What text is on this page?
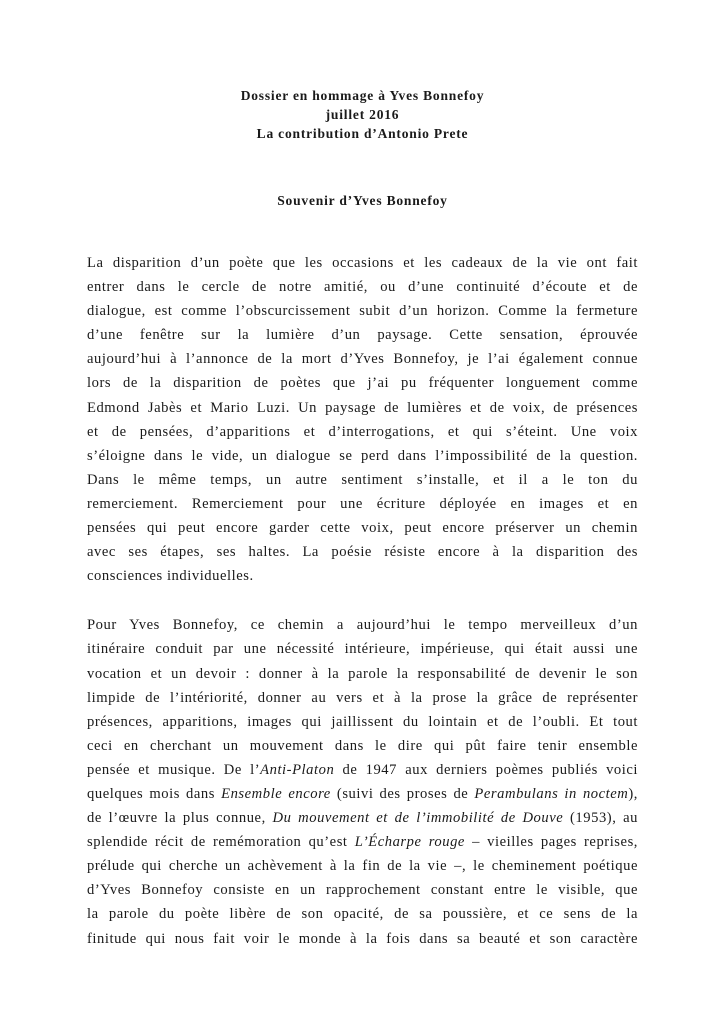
Dossier en hommage à Yves Bonnefoy
juillet 2016
La contribution d’Antonio Prete
Souvenir d’Yves Bonnefoy
La disparition d’un poète que les occasions et les cadeaux de la vie ont fait
entrer dans le cercle de notre amitié, ou d’une continuité d’écoute et de
dialogue, est comme l’obscurcissement subit d’un horizon. Comme la fermeture
d’une fenêtre sur la lumière d’un paysage. Cette sensation, éprouvée
aujourd’hui à l’annonce de la mort d’Yves Bonnefoy, je l’ai également connue
lors de la disparition de poètes que j’ai pu fréquenter longuement comme
Edmond Jabès et Mario Luzi. Un paysage de lumières et de voix, de présences
et de pensées, d’apparitions et d’interrogations, et qui s’éteint. Une voix
s’éloigne dans le vide, un dialogue se perd dans l’impossibilité de la question.
Dans le même temps, un autre sentiment s’installe, et il a le ton du
remerciement. Remerciement pour une écriture déployée en images et en
pensées qui peut encore garder cette voix, peut encore préserver un chemin
avec ses étapes, ses haltes. La poésie résiste encore à la disparition des
consciences individuelles.
Pour Yves Bonnefoy, ce chemin a aujourd’hui le tempo merveilleux d’un
itinéraire conduit par une nécessité intérieure, impérieuse, qui était aussi une
vocation et un devoir : donner à la parole la responsabilité de devenir le son
limpide de l’intériorité, donner au vers et à la prose la grâce de représenter
présences, apparitions, images qui jaillissent du lointain et de l’oubli. Et tout
ceci en cherchant un mouvement dans le dire qui pût faire tenir ensemble
pensée et musique. De l’Anti-Platon de 1947 aux derniers poèmes publiés voici
quelques mois dans Ensemble encore (suivi des proses de Perambulans in noctem),
de l’œuvre la plus connue, Du mouvement et de l’immobilité de Douve (1953), au
splendide récit de remémoration qu’est L’Écharpe rouge – vieilles pages reprises,
prélude qui cherche un achèvement à la fin de la vie –, le cheminement poétique
d’Yves Bonnefoy consiste en un rapprochement constant entre le visible, que
la parole du poète libère de son opacité, de sa poussière, et ce sens de la
finitude qui nous fait voir le monde à la fois dans sa beauté et son caractère
